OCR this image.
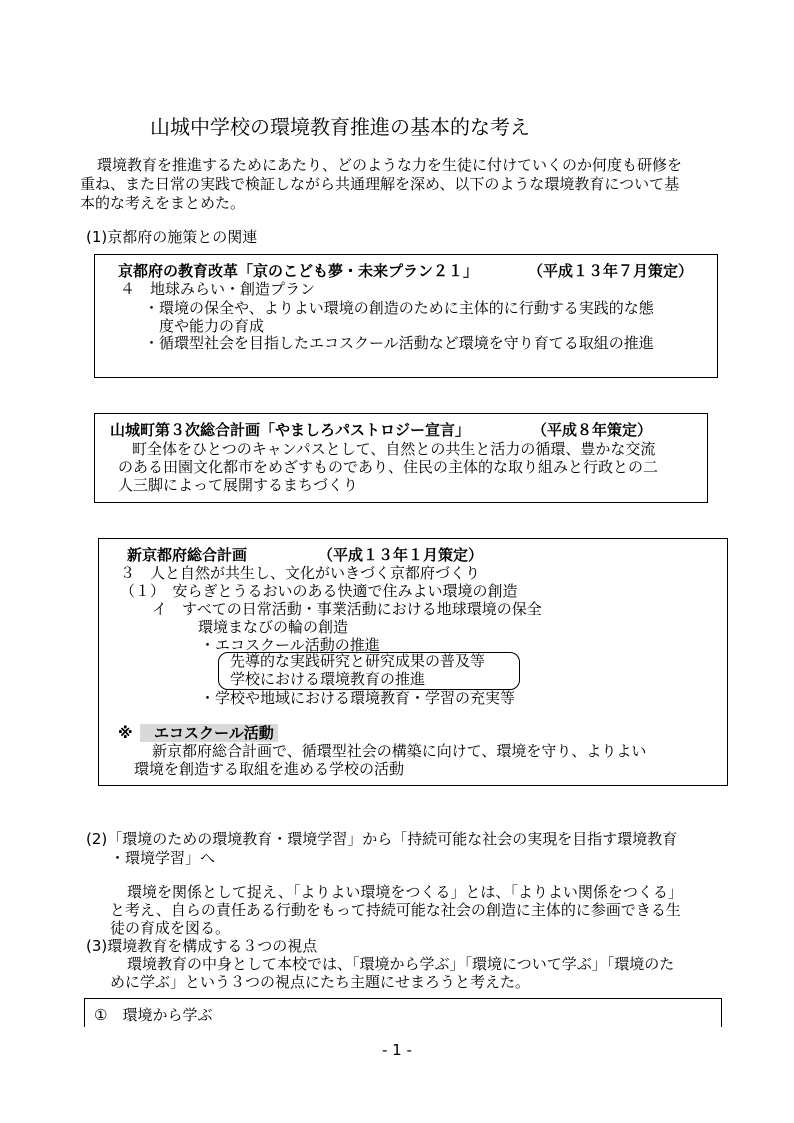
山城中学校の環境教育推進の基本的な考え
環境教育を推進するためにあたり、どのような力を生徒に付けていくのか何度も研修を
重ね、また日常の実践で検証しながら共通理解を深め、以下のような環境教育について基
本的な考えをまとめた。
(1)京都府の施策との関連
京都府の教育改革「京のこども夢・未来プラン２１」	（平成１３年７月策定）
４　地球みらい・創造プラン
・環境の保全や、よりよい環境の創造のために主体的に行動する実践的な態
度や能力の育成
・循環型社会を目指したエコスクール活動など環境を守り育てる取組の推進
山城町第３次総合計画「やましろパストロジー宣言」	（平成８年策定）
町全体をひとつのキャンパスとして、自然との共生と活力の循環、豊かな交流
のある田園文化都市をめざすものであり、住民の主体的な取り組みと行政との二
人三脚によって展開するまちづくり
新京都府総合計画	（平成１３年１月策定）
３　人と自然が共生し、文化がいきづく京都府づくり
（１）　安らぎとうるおいのある快適で住みよい環境の創造
イ　すべての日常活動・事業活動における地球環境の保全
環境まなびの輪の創造
・エコスクール活動の推進
先導的な実践研究と研究成果の普及等
学校における環境教育の推進
・学校や地域における環境教育・学習の充実等
※	エコスクール活動
新京都府総合計画で、循環型社会の構築に向けて、環境を守り、よりよい
環境を創造する取組を進める学校の活動
(2)「環境のための環境教育・環境学習」から「持続可能な社会の実現を目指す環境教育
・環境学習」へ
環境を関係として捉え、「よりよい環境をつくる」とは、「よりよい関係をつくる」
と考え、自らの責任ある行動をもって持続可能な社会の創造に主体的に参画できる生
徒の育成を図る。
(3)環境教育を構成する３つの視点
環境教育の中身として本校では、「環境から学ぶ」「環境について学ぶ」「環境のた
めに学ぶ」という３つの視点にたち主題にせまろうと考えた。
①　環境から学ぶ
- 1 -
